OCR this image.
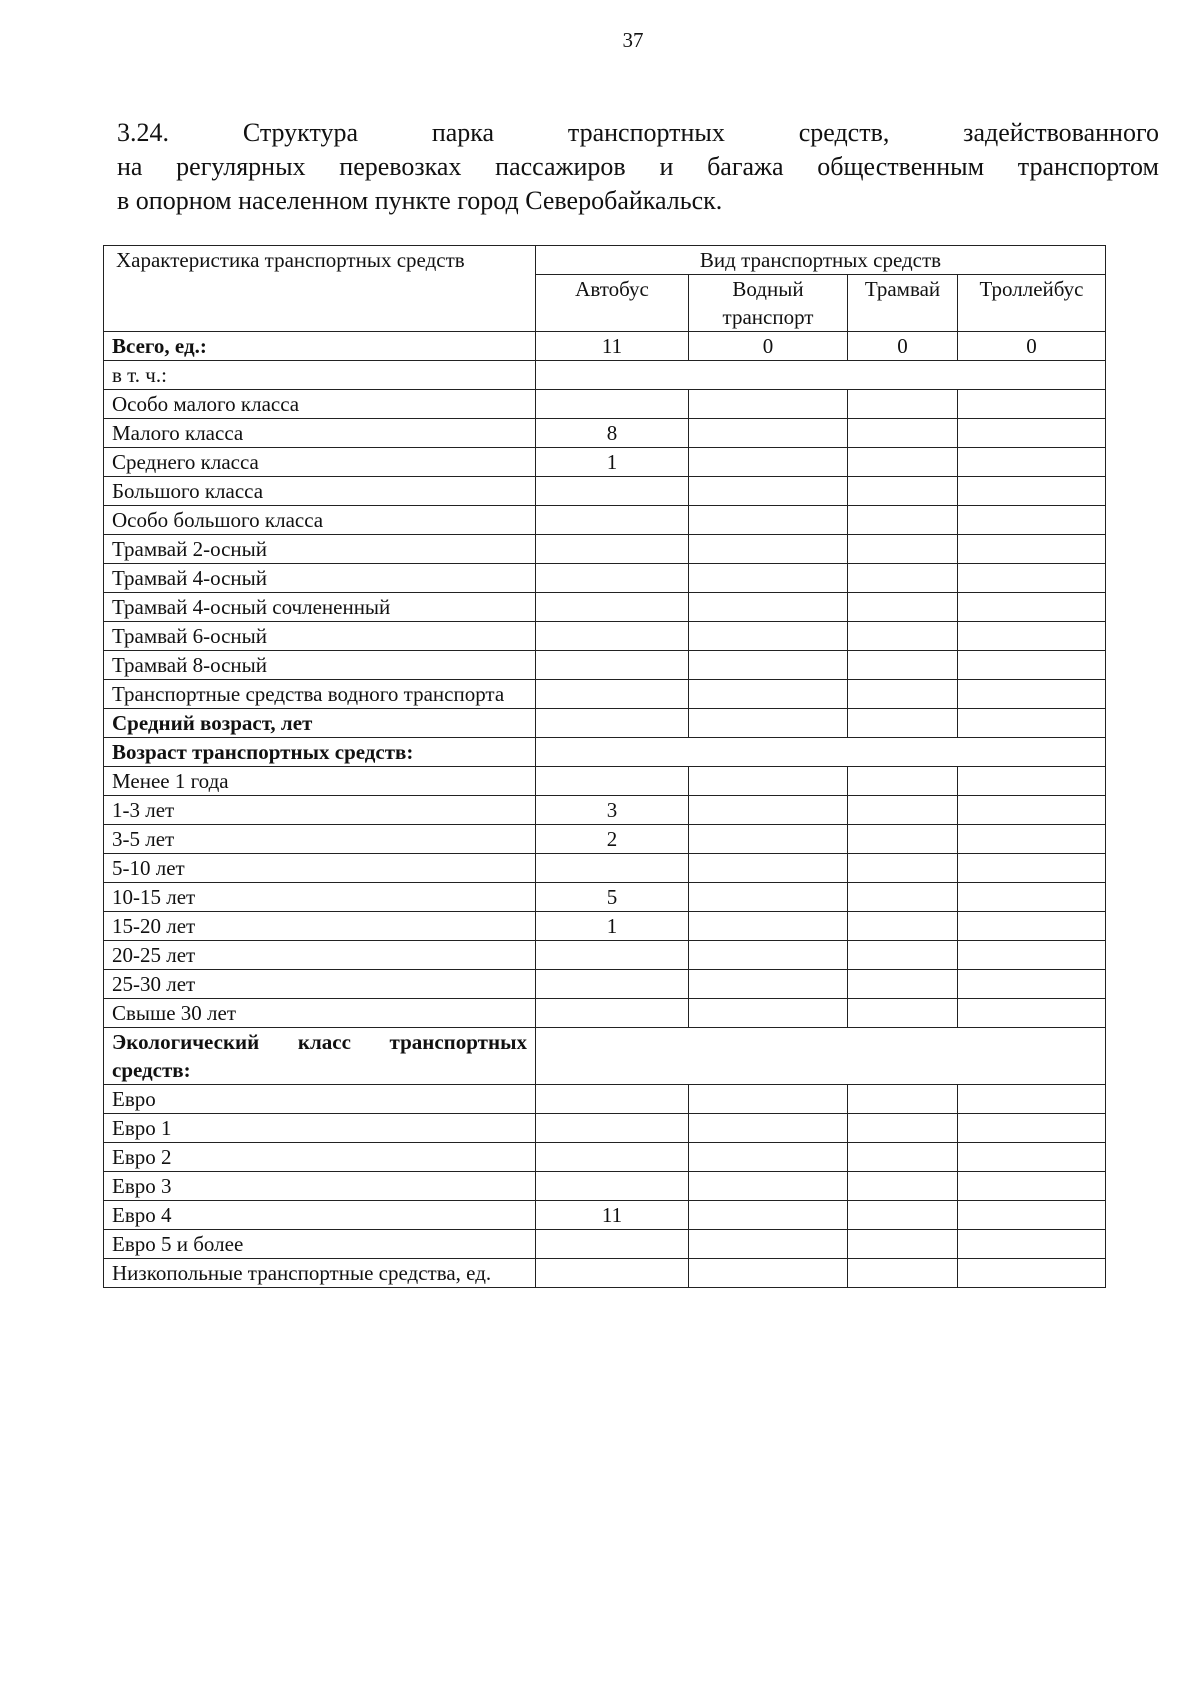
37
3.24. Структура парка транспортных средств, задействованного
на регулярных перевозках пассажиров и багажа общественным транспортом
в опорном населенном пункте город Северобайкальск.
Характеристика транспортных средств	Вид транспортных средств			
	Автобус	Водный транспорт	Трамвай	Троллейбус
Всего, ед.:	11	0	0	0
в т. ч.:				
Особо малого класса				
Малого класса	8			
Среднего класса	1			
Большого класса				
Особо большого класса				
Трамвай 2-осный				
Трамвай 4-осный				
Трамвай 4-осный сочлененный				
Трамвай 6-осный				
Трамвай 8-осный				
Транспортные средства водного транспорта				
Средний возраст, лет				
Возраст транспортных средств:				
Менее 1 года				
1-3 лет	3			
3-5 лет	2			
5-10 лет				
10-15 лет	5			
15-20 лет	1			
20-25 лет				
25-30 лет				
Свыше 30 лет				
Экологический класс транспортных средств:				
Евро				
Евро 1				
Евро 2				
Евро 3				
Евро 4	11			
Евро 5 и более				
Низкопольные транспортные средства, ед.				
